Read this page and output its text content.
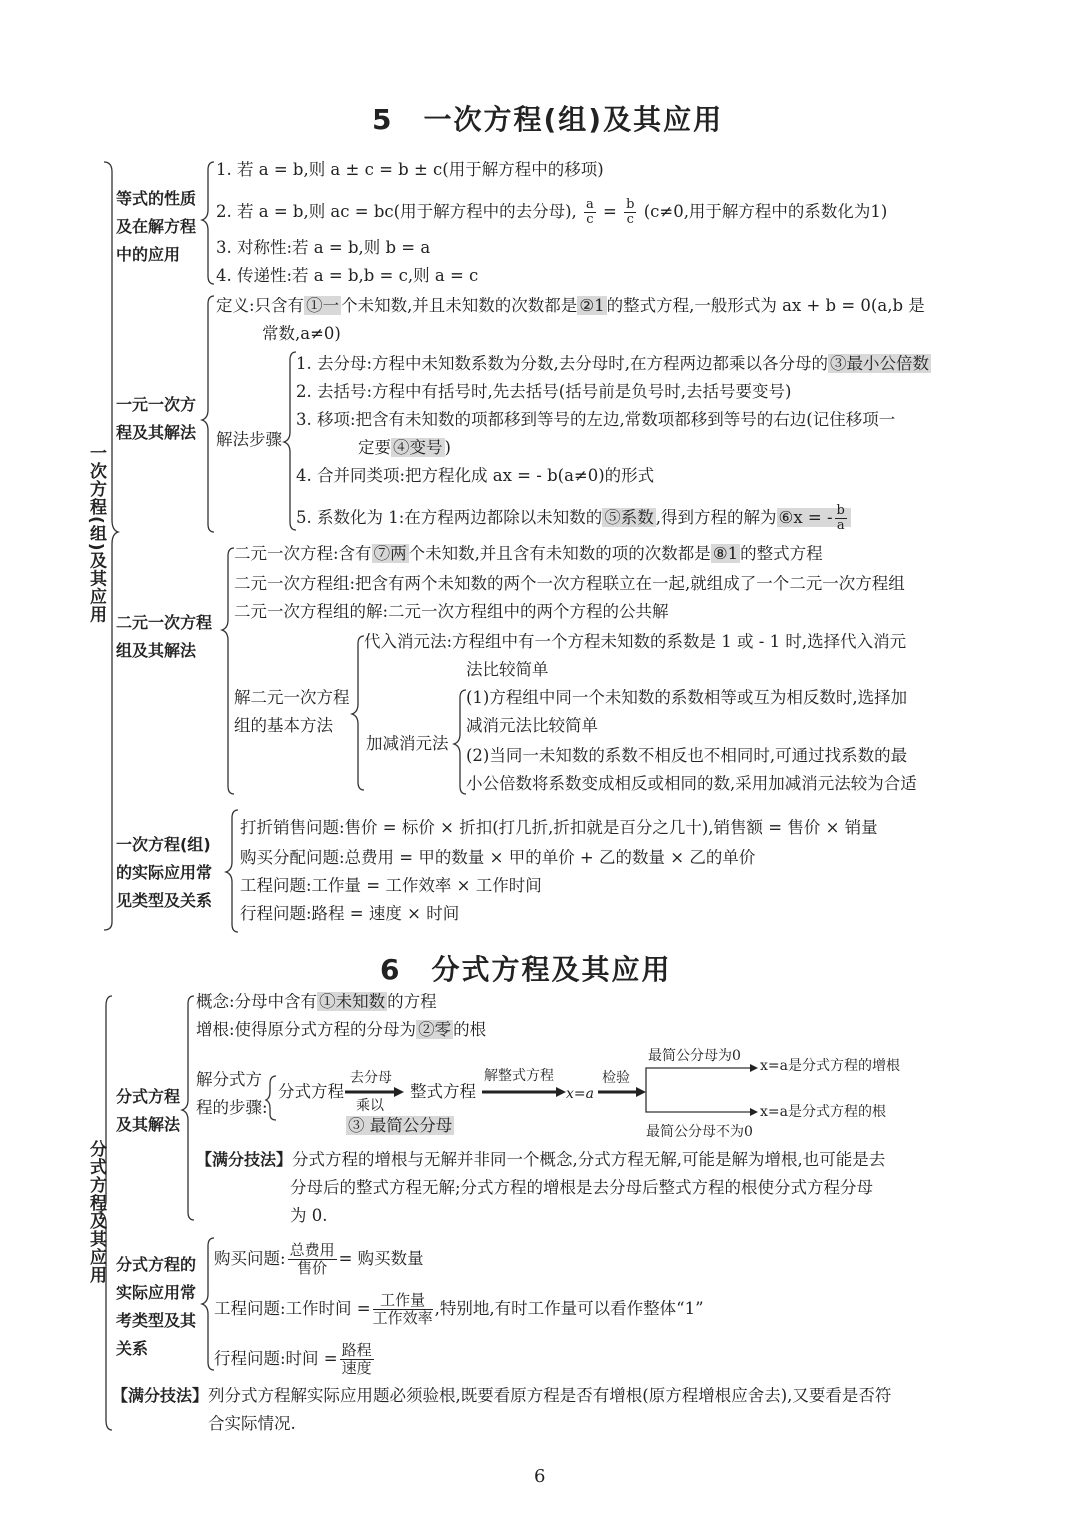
5　一次方程(组)及其应用
一次方程(组)及其应用
等式的性质
及在解方程
中的应用
1. 若 a = b,则 a ± c = b ± c(用于解方程中的移项)
2. 若 a = b,则 ac = bc(用于解方程中的去分母), $\frac{a}{c} = \frac{b}{c} (c\ne 0$,用于解方程中的系数化为1)
3. 对称性:若 a = b,则 b = a
4. 传递性:若 a = b,b = c,则 a = c
一元一次方
程及其解法
定义:只含有 ①一 个未知数,并且未知数的次数都是 ②1 的整式方程,一般形式为 ax + b = 0(a,b 是
常数,a≠0)
解法步骤
1. 去分母:方程中未知数系数为分数,去分母时,在方程两边都乘以各分母的 ③最小公倍数
2. 去括号:方程中有括号时,先去括号(括号前是负号时,去括号要变号)
3. 移项:把含有未知数的项都移到等号的左边,常数项都移到等号的右边(记住移项一
定要 ④变号 )
4. 合并同类项:把方程化成 ax = - b(a≠0)的形式
5. 系数化为 1:在方程两边都除以未知数的 ⑤系数 ,得到方程的解为 ⑥x = - $\frac{b}{a}$
二元一次方程
组及其解法
二元一次方程:含有 ⑦两 个未知数,并且含有未知数的项的次数都是 ⑧1 的整式方程
二元一次方程组:把含有两个未知数的两个一次方程联立在一起,就组成了一个二元一次方程组
二元一次方程组的解:二元一次方程组中的两个方程的公共解
解二元一次方程
组的基本方法
代入消元法:方程组中有一个方程未知数的系数是 1 或 - 1 时,选择代入消元
法比较简单
加减消元法
(1)方程组中同一个未知数的系数相等或互为相反数时,选择加
减消元法比较简单
(2)当同一未知数的系数不相反也不相同时,可通过找系数的最
小公倍数将系数变成相反或相同的数,采用加减消元法较为合适
一次方程(组)
的实际应用常
见类型及关系
打折销售问题:售价 = 标价 × 折扣(打几折,折扣就是百分之几十),销售额 = 售价 × 销量
购买分配问题:总费用 = 甲的数量 × 甲的单价 + 乙的数量 × 乙的单价
工程问题:工作量 = 工作效率 × 工作时间
行程问题:路程 = 速度 × 时间
6　分式方程及其应用
分式方程及其应用
分式方程
及其解法
概念:分母中含有 ①未知数 的方程
增根:使得原分式方程的分母为 ②零 的根
解分式方
程的步骤:
分式方程
去分母
乘以
③ 最简公分母
整式方程
解整式方程
x=a
检验
最简公分母为0
x=a是分式方程的增根
x=a是分式方程的根
最简公分母不为0
【满分技法】分式方程的增根与无解并非同一个概念,分式方程无解,可能是解为增根,也可能是去
分母后的整式方程无解;分式方程的增根是去分母后整式方程的根使分式方程分母
为 0.
分式方程的
实际应用常
考类型及其
关系
购买问题: $\frac{\text{总费用}}{\text{售价}}$ = 购买数量
工程问题:工作时间 = $\frac{\text{工作量}}{\text{工作效率}}$ ,特别地,有时工作量可以看作整体“1”
行程问题:时间 = $\frac{\text{路程}}{\text{速度}}$
【满分技法】列分式方程解实际应用题必须验根,既要看原方程是否有增根(原方程增根应舍去),又要看是否符
合实际情况.
6
